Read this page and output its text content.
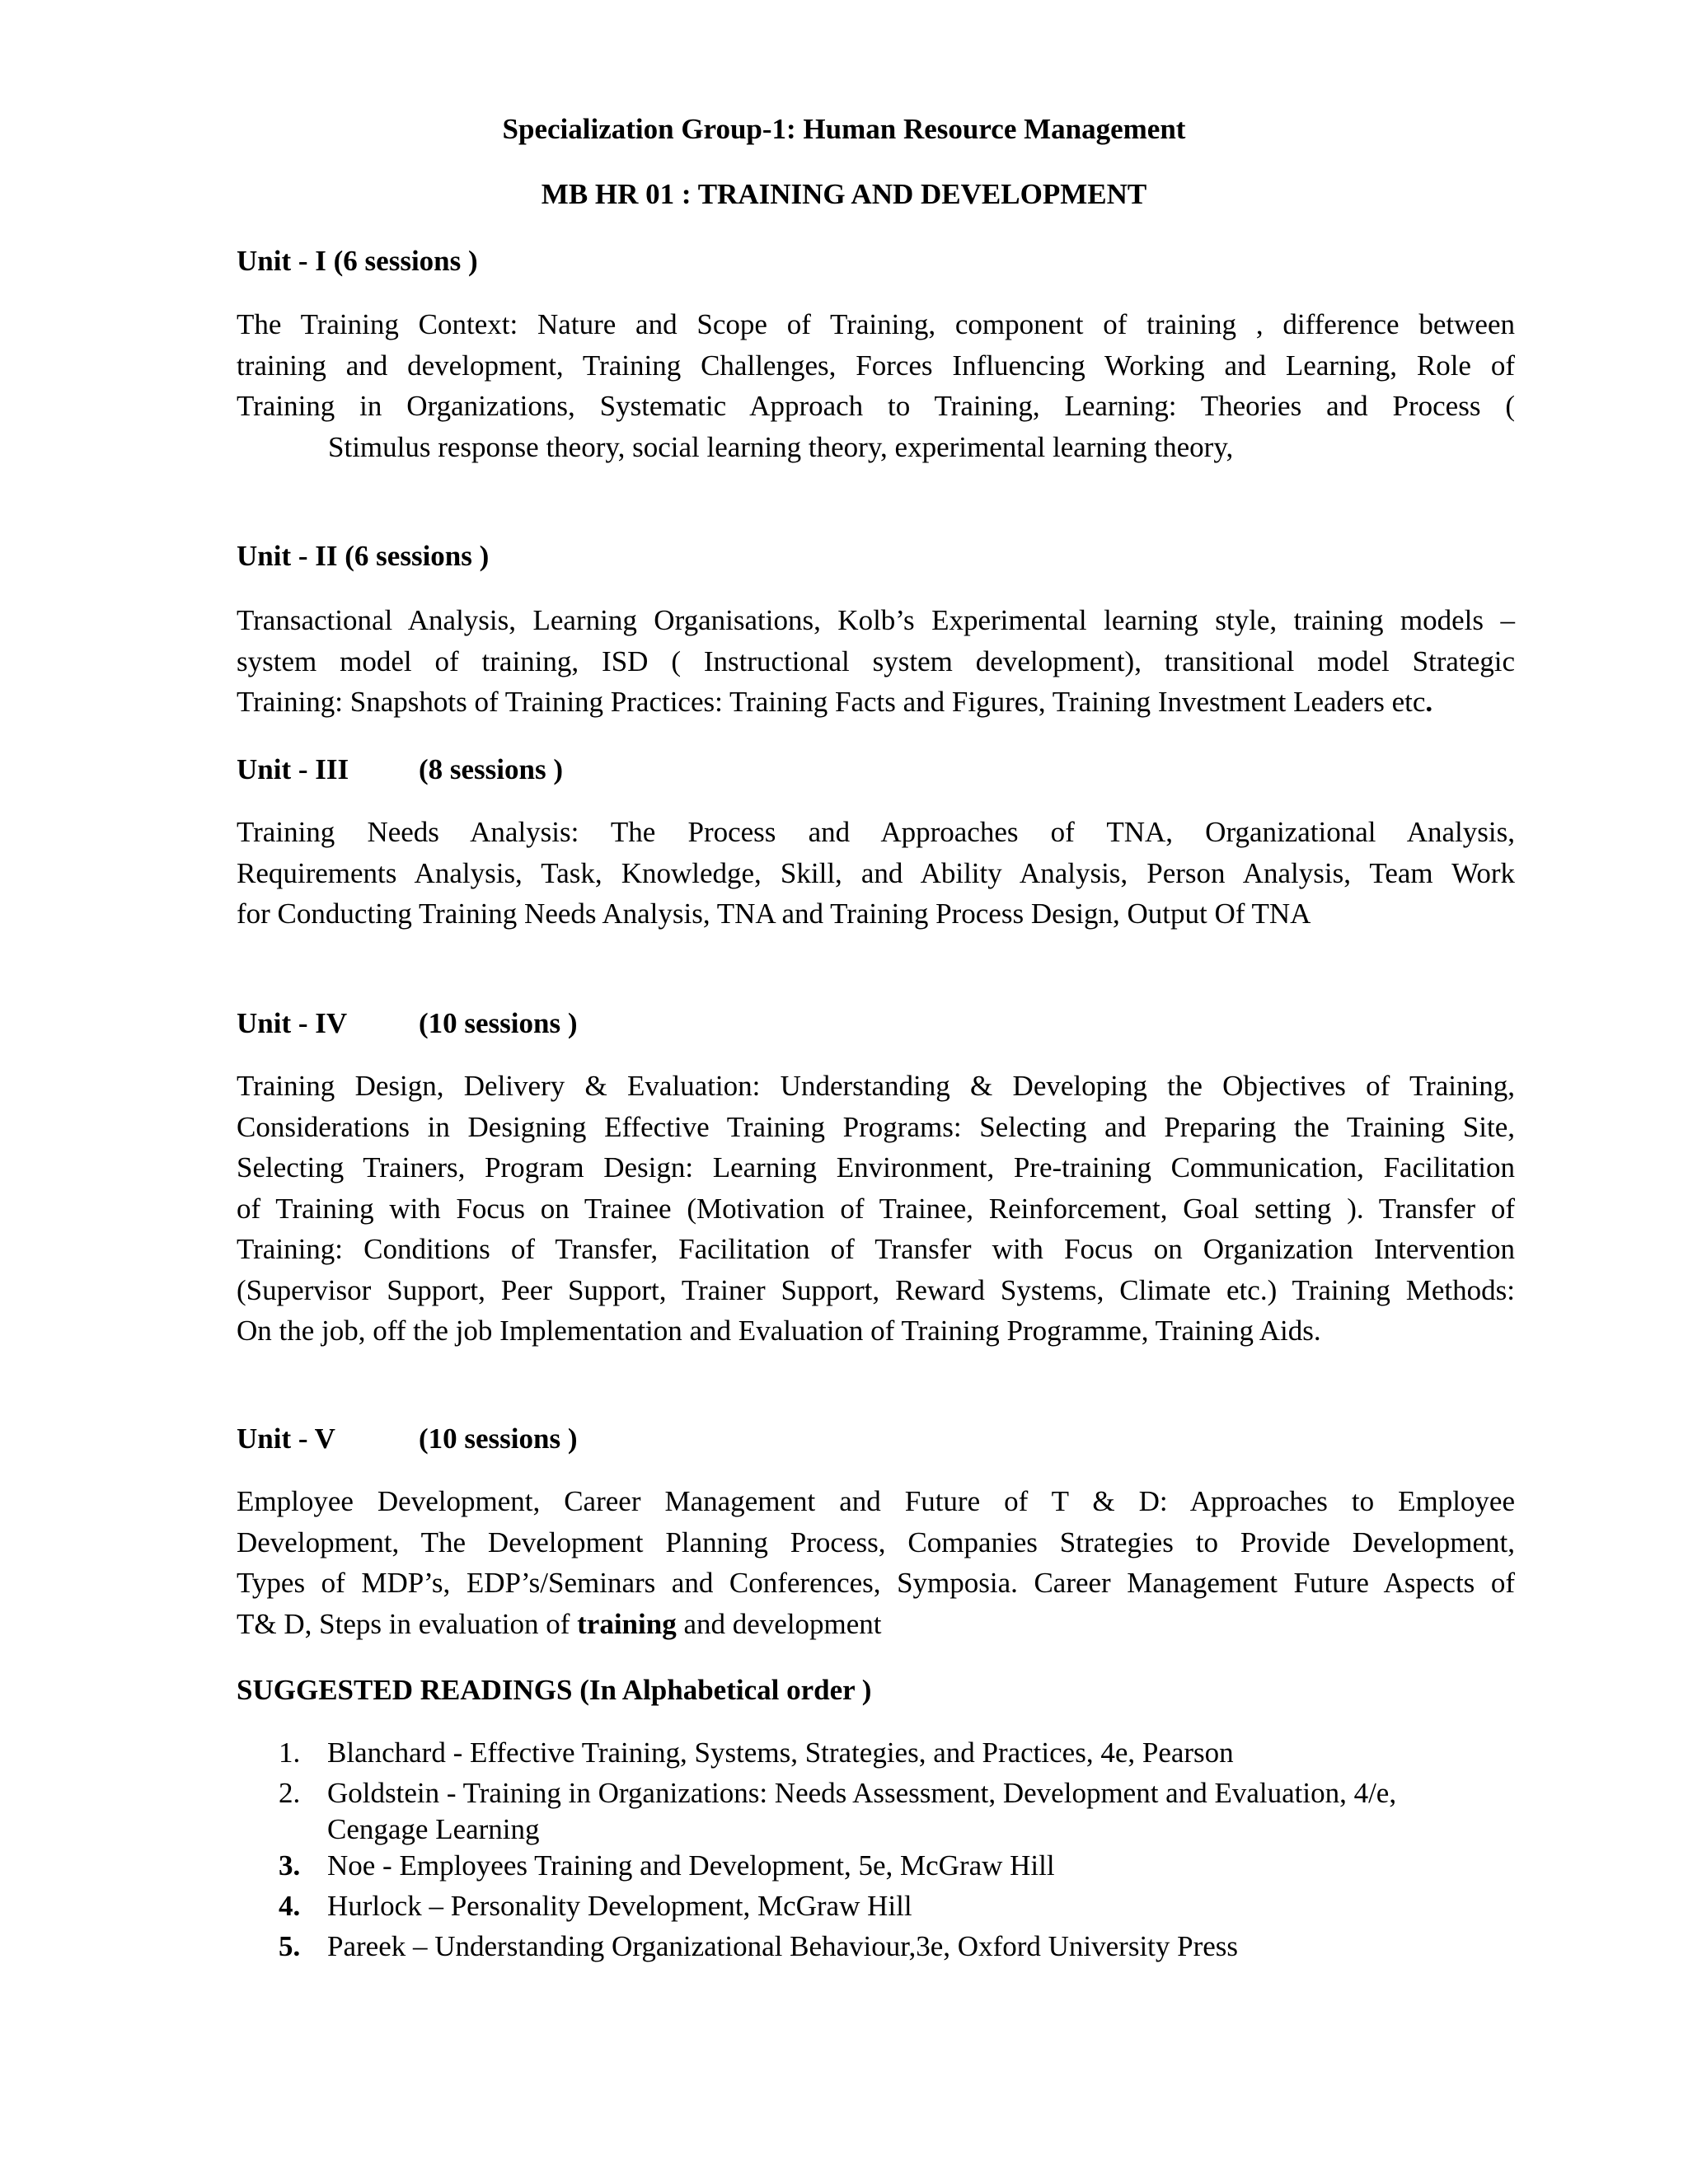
Specialization Group-1: Human Resource Management
MB HR 01 : TRAINING AND DEVELOPMENT
Unit - I (6 sessions )
The Training Context: Nature and Scope of Training, component of training , difference between
training and development, Training Challenges, Forces Influencing Working and Learning, Role of
Training in Organizations, Systematic Approach to Training, Learning: Theories and Process (
Stimulus response theory, social learning theory, experimental learning theory,
Unit - II (6 sessions )
Transactional Analysis, Learning Organisations, Kolb’s Experimental learning style, training models –
system model of training, ISD ( Instructional system development), transitional model Strategic
Training: Snapshots of Training Practices: Training Facts and Figures, Training Investment Leaders etc.
Unit - III (8 sessions )
Training Needs Analysis: The Process and Approaches of TNA, Organizational Analysis,
Requirements Analysis, Task, Knowledge, Skill, and Ability Analysis, Person Analysis, Team Work
for Conducting Training Needs Analysis, TNA and Training Process Design, Output Of TNA
Unit - IV (10 sessions )
Training Design, Delivery & Evaluation: Understanding & Developing the Objectives of Training,
Considerations in Designing Effective Training Programs: Selecting and Preparing the Training Site,
Selecting Trainers, Program Design: Learning Environment, Pre-training Communication, Facilitation
of Training with Focus on Trainee (Motivation of Trainee, Reinforcement, Goal setting ). Transfer of
Training: Conditions of Transfer, Facilitation of Transfer with Focus on Organization Intervention
(Supervisor Support, Peer Support, Trainer Support, Reward Systems, Climate etc.) Training Methods:
On the job, off the job Implementation and Evaluation of Training Programme, Training Aids.
Unit - V	(10 sessions )
Employee Development, Career Management and Future of T & D: Approaches to Employee
Development, The Development Planning Process, Companies Strategies to Provide Development,
Types of MDP’s, EDP’s/Seminars and Conferences, Symposia. Career Management Future Aspects of
T& D, Steps in evaluation of training and development
SUGGESTED READINGS (In Alphabetical order )
1. Blanchard - Effective Training, Systems, Strategies, and Practices, 4e, Pearson
2. Goldstein - Training in Organizations: Needs Assessment, Development and Evaluation, 4/e,
Cengage Learning
3. Noe - Employees Training and Development, 5e, McGraw Hill
4. Hurlock – Personality Development, McGraw Hill
5. Pareek – Understanding Organizational Behaviour,3e, Oxford University Press
